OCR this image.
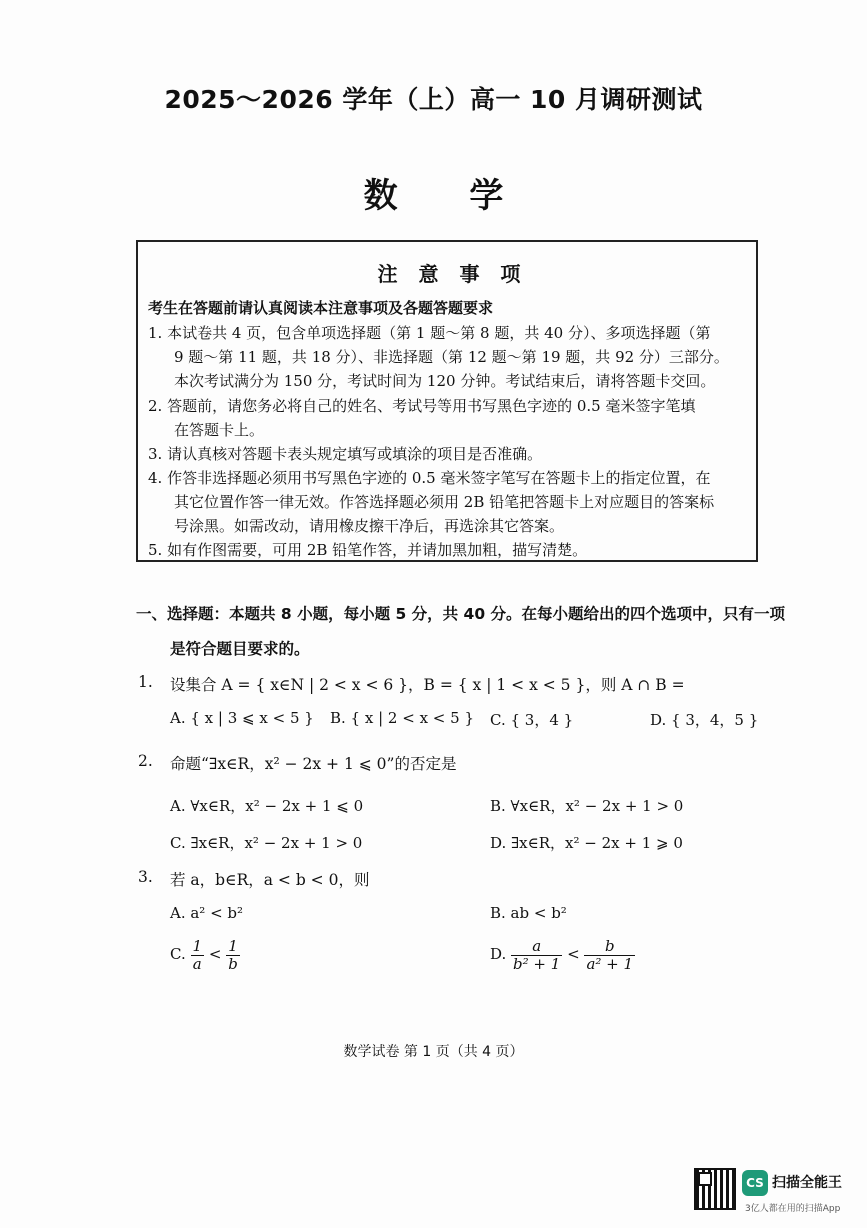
2025～2026 学年（上）高一 10 月调研测试
数 学
注 意 事 项
考生在答题前请认真阅读本注意事项及各题答题要求
1. 本试卷共 4 页，包含单项选择题（第 1 题～第 8 题，共 40 分）、多项选择题（第
9 题～第 11 题，共 18 分）、非选择题（第 12 题～第 19 题，共 92 分）三部分。
本次考试满分为 150 分，考试时间为 120 分钟。考试结束后，请将答题卡交回。
2. 答题前，请您务必将自己的姓名、考试号等用书写黑色字迹的 0.5 毫米签字笔填
在答题卡上。
3. 请认真核对答题卡表头规定填写或填涂的项目是否准确。
4. 作答非选择题必须用书写黑色字迹的 0.5 毫米签字笔写在答题卡上的指定位置，在
其它位置作答一律无效。作答选择题必须用 2B 铅笔把答题卡上对应题目的答案标
号涂黑。如需改动，请用橡皮擦干净后，再选涂其它答案。
5. 如有作图需要，可用 2B 铅笔作答，并请加黑加粗，描写清楚。
一、选择题：本题共 8 小题，每小题 5 分，共 40 分。在每小题给出的四个选项中，只有一项
是符合题目要求的。
1. 设集合 A = { x∈N | 2 < x < 6 }，B = { x | 1 < x < 5 }，则 A ∩ B =
A. { x | 3 ⩽ x < 5 } B. { x | 2 < x < 5 } C. { 3，4 }	D. { 3，4，5 }
2. 命题“∃x∈R，x² − 2x + 1 ⩽ 0”的否定是
A. ∀x∈R，x² − 2x + 1 ⩽ 0	B. ∀x∈R，x² − 2x + 1 > 0
C. ∃x∈R，x² − 2x + 1 > 0	D. ∃x∈R，x² − 2x + 1 ⩾ 0
3. 若 a，b∈R，a < b < 0，则
A. a² < b²	B. ab < b²
C. $\frac{1}{a} < \frac{1}{b}$	D. $\frac{a}{\text{b² + 1}} < \frac{b}{\text{a² + 1}}$
数学试卷 第 1 页（共 4 页）
CS 扫描全能王
3亿人都在用的扫描App
